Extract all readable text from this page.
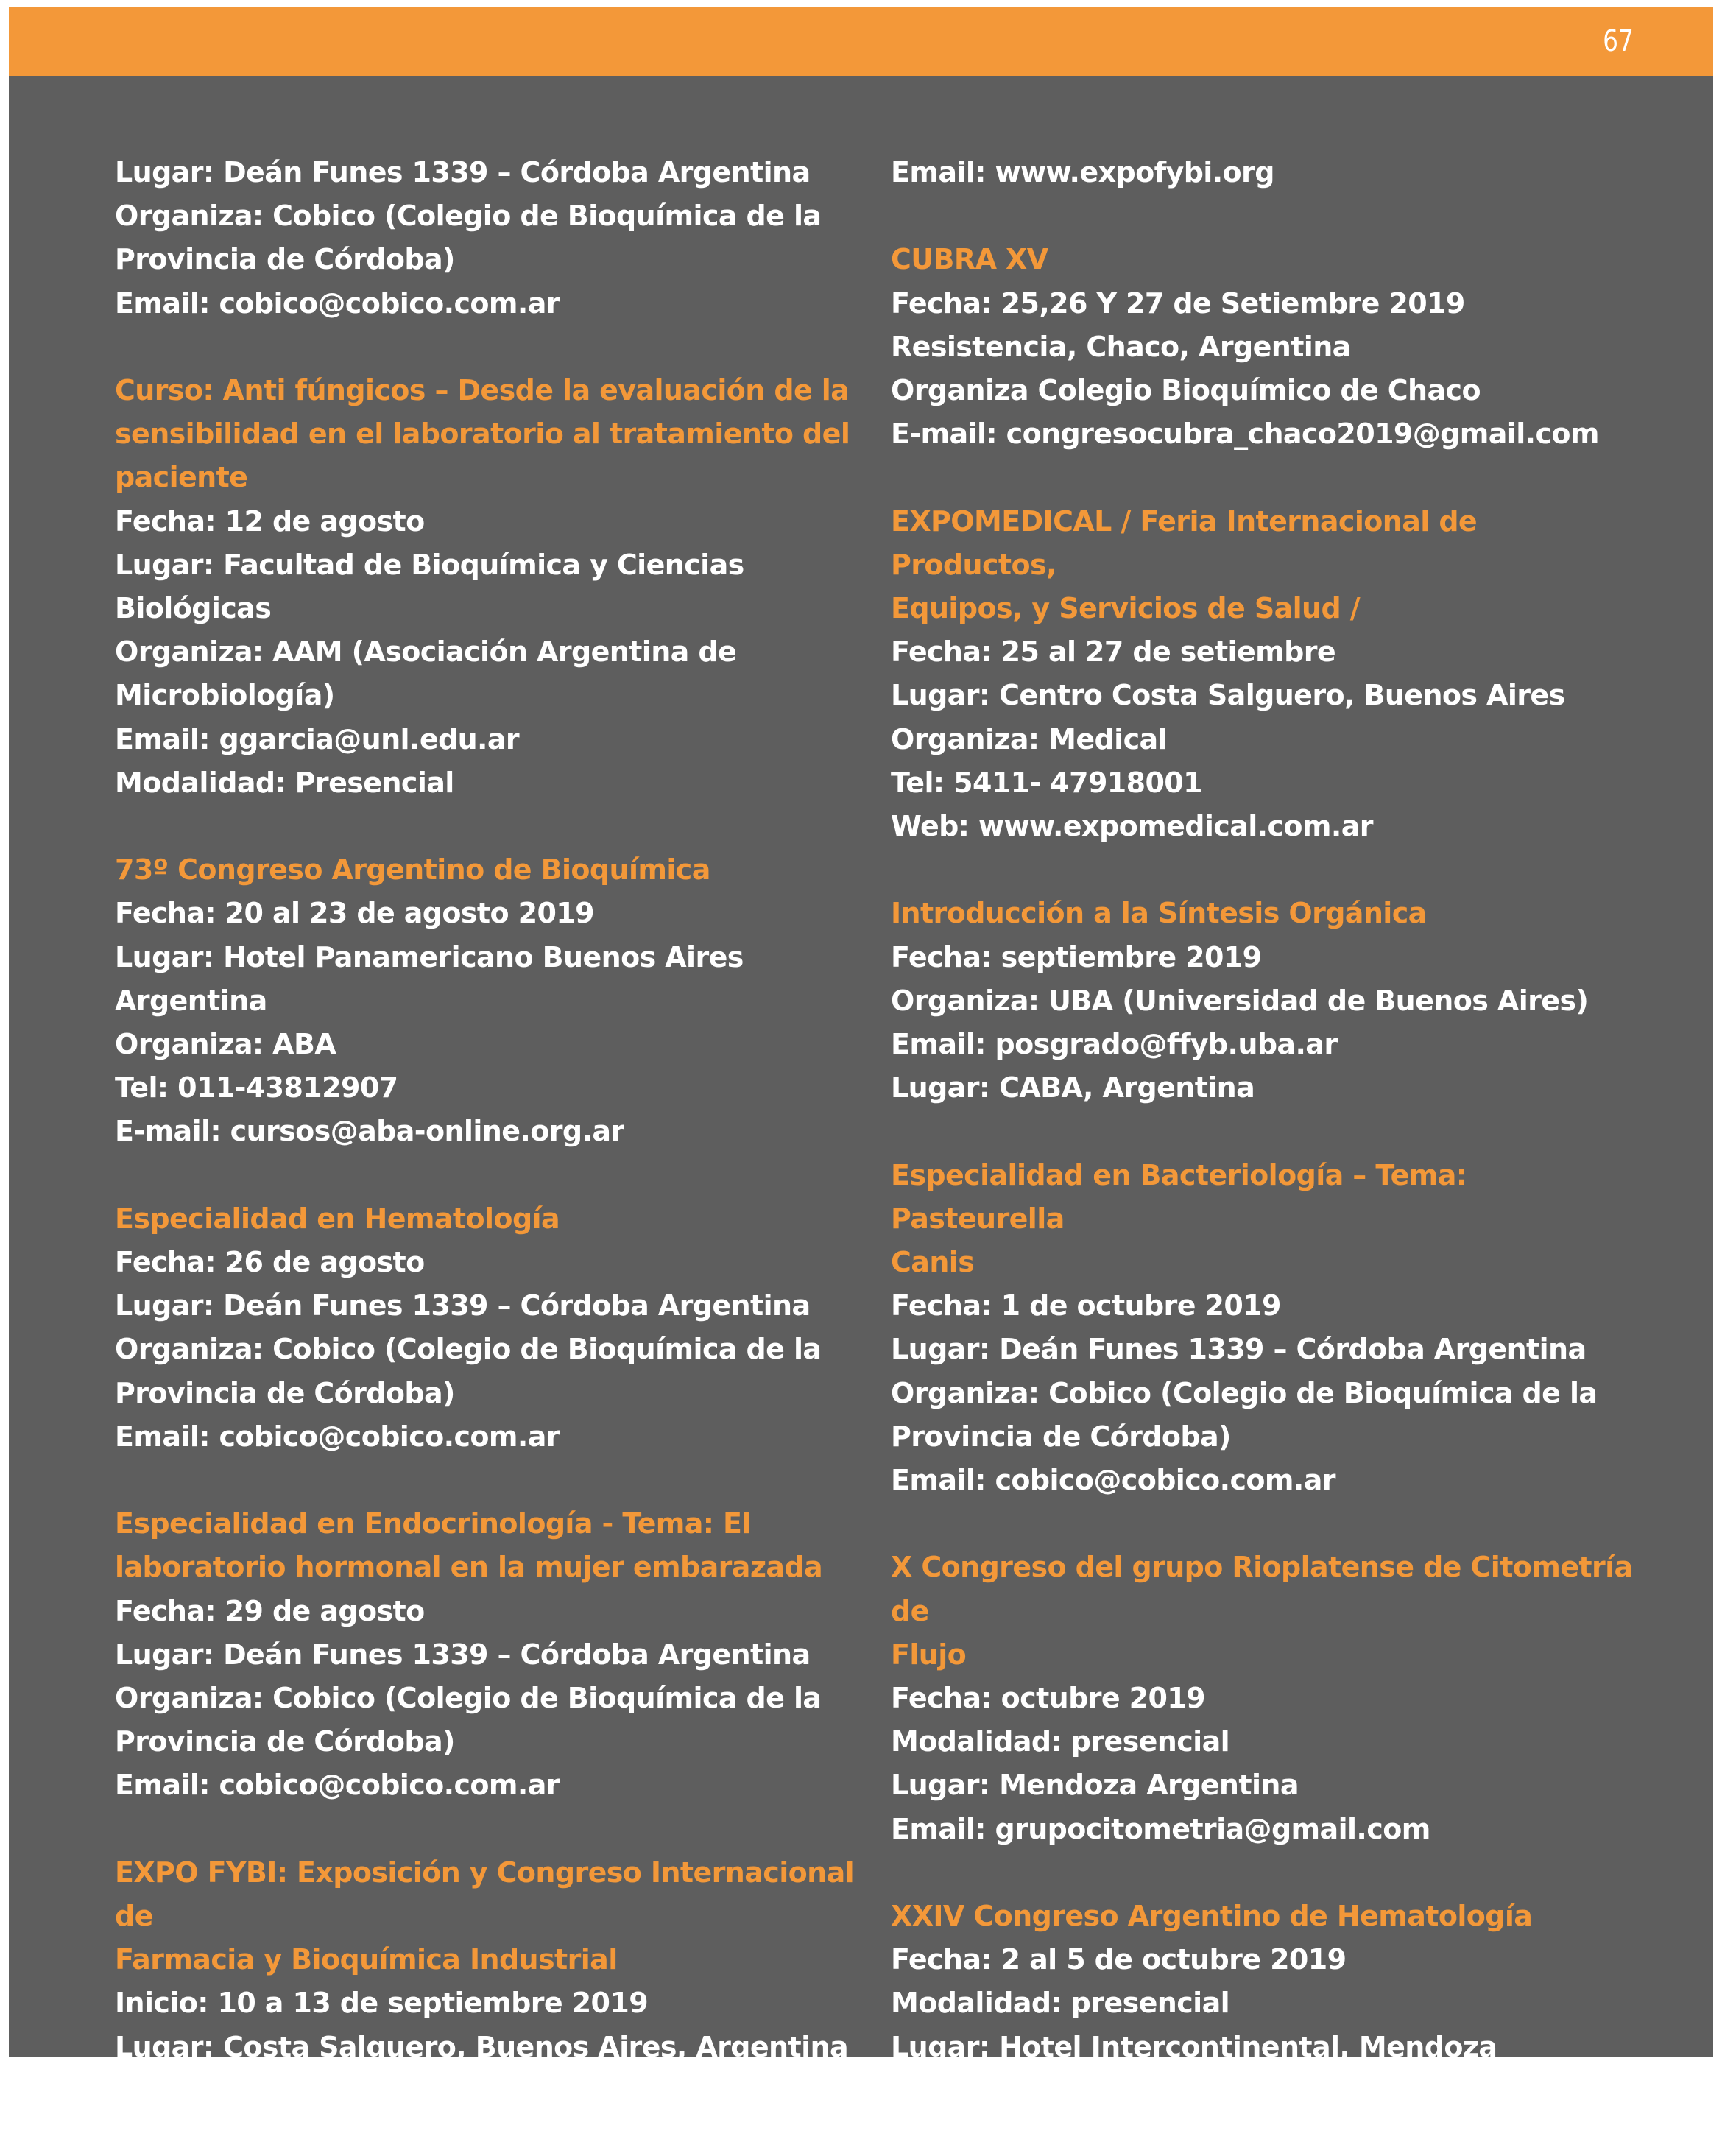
67
Lugar: Deán Funes 1339 – Córdoba Argentina
Organiza: Cobico (Colegio de Bioquímica de la
Provincia de Córdoba)
Email: cobico@cobico.com.ar
Curso: Anti fúngicos – Desde la evaluación de la
sensibilidad en el laboratorio al tratamiento del
paciente
Fecha: 12 de agosto
Lugar: Facultad de Bioquímica y Ciencias Biológicas
Organiza: AAM (Asociación Argentina de
Microbiología)
Email: ggarcia@unl.edu.ar
Modalidad: Presencial
73º Congreso Argentino de Bioquímica
Fecha: 20 al 23 de agosto 2019
Lugar: Hotel Panamericano Buenos Aires Argentina
Organiza: ABA
Tel: 011-43812907
E-mail: cursos@aba-online.org.ar
Especialidad en Hematología
Fecha: 26 de agosto
Lugar: Deán Funes 1339 – Córdoba Argentina
Organiza: Cobico (Colegio de Bioquímica de la
Provincia de Córdoba)
Email: cobico@cobico.com.ar
Especialidad en Endocrinología - Tema: El
laboratorio hormonal en la mujer embarazada
Fecha: 29 de agosto
Lugar: Deán Funes 1339 – Córdoba Argentina
Organiza: Cobico (Colegio de Bioquímica de la
Provincia de Córdoba)
Email: cobico@cobico.com.ar
EXPO FYBI: Exposición y Congreso Internacional de
Farmacia y Bioquímica Industrial
Inicio: 10 a 13 de septiembre 2019
Lugar: Costa Salguero, Buenos Aires, Argentina
Email: www.expofybi.org
CUBRA XV
Fecha: 25,26 Y 27 de Setiembre 2019
Resistencia, Chaco, Argentina
Organiza Colegio Bioquímico de Chaco
E-mail: congresocubra_chaco2019@gmail.com
EXPOMEDICAL / Feria Internacional de Productos,
Equipos, y Servicios de Salud /
Fecha: 25 al 27 de setiembre
Lugar: Centro Costa Salguero, Buenos Aires
Organiza: Medical
Tel: 5411- 47918001
Web: www.expomedical.com.ar
Introducción a la Síntesis Orgánica
Fecha: septiembre 2019
Organiza: UBA (Universidad de Buenos Aires)
Email: posgrado@ffyb.uba.ar
Lugar: CABA, Argentina
Especialidad en Bacteriología – Tema: Pasteurella
Canis
Fecha: 1 de octubre 2019
Lugar: Deán Funes 1339 – Córdoba Argentina
Organiza: Cobico (Colegio de Bioquímica de la
Provincia de Córdoba)
Email: cobico@cobico.com.ar
X Congreso del grupo Rioplatense de Citometría de
Flujo
Fecha: octubre 2019
Modalidad: presencial
Lugar: Mendoza Argentina
Email: grupocitometria@gmail.com
XXIV Congreso Argentino de Hematología
Fecha: 2 al 5 de octubre 2019
Modalidad: presencial
Lugar: Hotel Intercontinental, Mendoza Argentina
